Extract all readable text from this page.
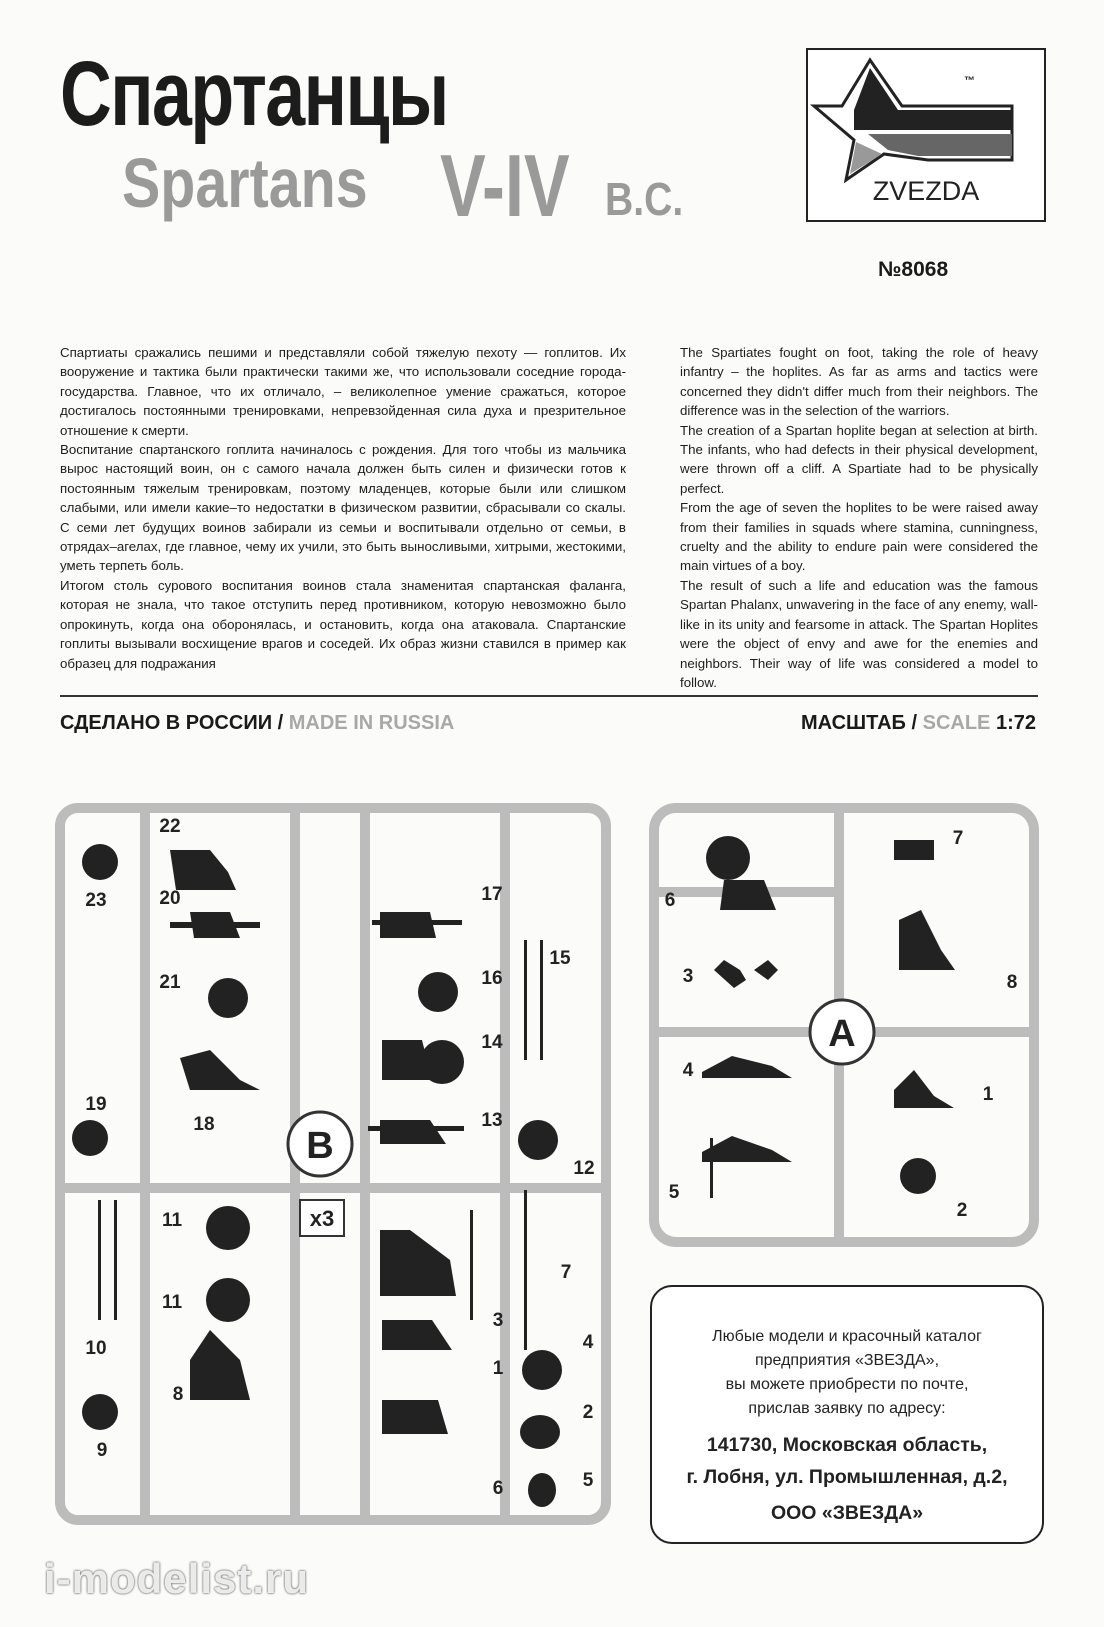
Спартанцы
Spartans V-IV B.C.
™
ZVEZDA
№8068

Спартиаты сражались пешими и представляли собой тяжелую пехоту — гоплитов. Их вооружение и тактика были практически такими же, что использовали соседние города-государства. Главное, что их отличало, – великолепное умение сражаться, которое достигалось постоянными тренировками, непревзойденная сила духа и презрительное отношение к смерти.

Воспитание спартанского гоплита начиналось с рождения. Для того чтобы из мальчика вырос настоящий воин, он с самого начала должен быть силен и физически готов к постоянным тяжелым тренировкам, поэтому младенцев, которые были или слишком слабыми, или имели какие–то недостатки в физическом развитии, сбрасывали со скалы. С семи лет будущих воинов забирали из семьи и воспитывали отдельно от семьи, в отрядах–агелах, где главное, чему их учили, это быть выносливыми, хитрыми, жестокими, уметь терпеть боль.

Итогом столь сурового воспитания воинов стала знаменитая спартанская фаланга, которая не знала, что такое отступить перед противником, которую невозможно было опрокинуть, когда она оборонялась, и остановить, когда она атаковала. Спартанские гоплиты вызывали восхищение врагов и соседей. Их образ жизни ставился в пример как образец для подражания

The Spartiates fought on foot, taking the role of heavy infantry – the hoplites. As far as arms and tactics were concerned they didn't differ much from their neighbors. The difference was in the selection of the warriors.

The creation of a Spartan hoplite began at selection at birth. The infants, who had defects in their physical development, were thrown off a cliff. A Spartiate had to be physically perfect.

From the age of seven the hoplites to be were raised away from their families in squads where stamina, cunningness, cruelty and the ability to endure pain were considered the main virtues of a boy.

The result of such a life and education was the famous Spartan Phalanx, unwavering in the face of any enemy, wall-like in its unity and fearsome in attack. The Spartan Hoplites were the object of envy and awe for the enemies and neighbors. Their way of life was considered a model to follow.

СДЕЛАНО В РОССИИ / MADE IN RUSSIA	МАСШТАБ / SCALE 1:72
B
x3
22
23	20
21
19
18
17
16
15
14
13
12
11
11
10
9
8
7
3
4
1
2
6	5
A
6
7
3	8
4
1
5
2
Любые модели и красочный каталог
предприятия «ЗВЕЗДА»,
вы можете приобрести по почте,
прислав заявку по адресу:
141730, Московская область,
г. Лобня, ул. Промышленная, д.2,
ООО «ЗВЕЗДА»
i-modelist.ru
